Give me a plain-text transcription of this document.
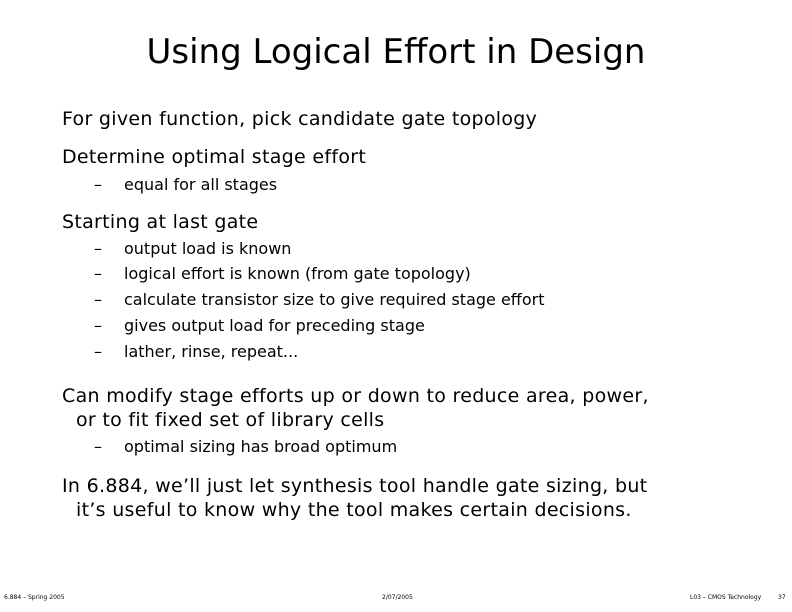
Using Logical Effort in Design
For given function, pick candidate gate topology
Determine optimal stage effort
– equal for all stages
Starting at last gate
– output load is known
– logical effort is known (from gate topology)
– calculate transistor size to give required stage effort
– gives output load for preceding stage
– lather, rinse, repeat...
Can modify stage efforts up or down to reduce area, power,
or to fit fixed set of library cells
– optimal sizing has broad optimum
In 6.884, we’ll just let synthesis tool handle gate sizing, but
it’s useful to know why the tool makes certain decisions.
6.884 – Spring 2005	2/07/2005	L03 – CMOS Technology	37
